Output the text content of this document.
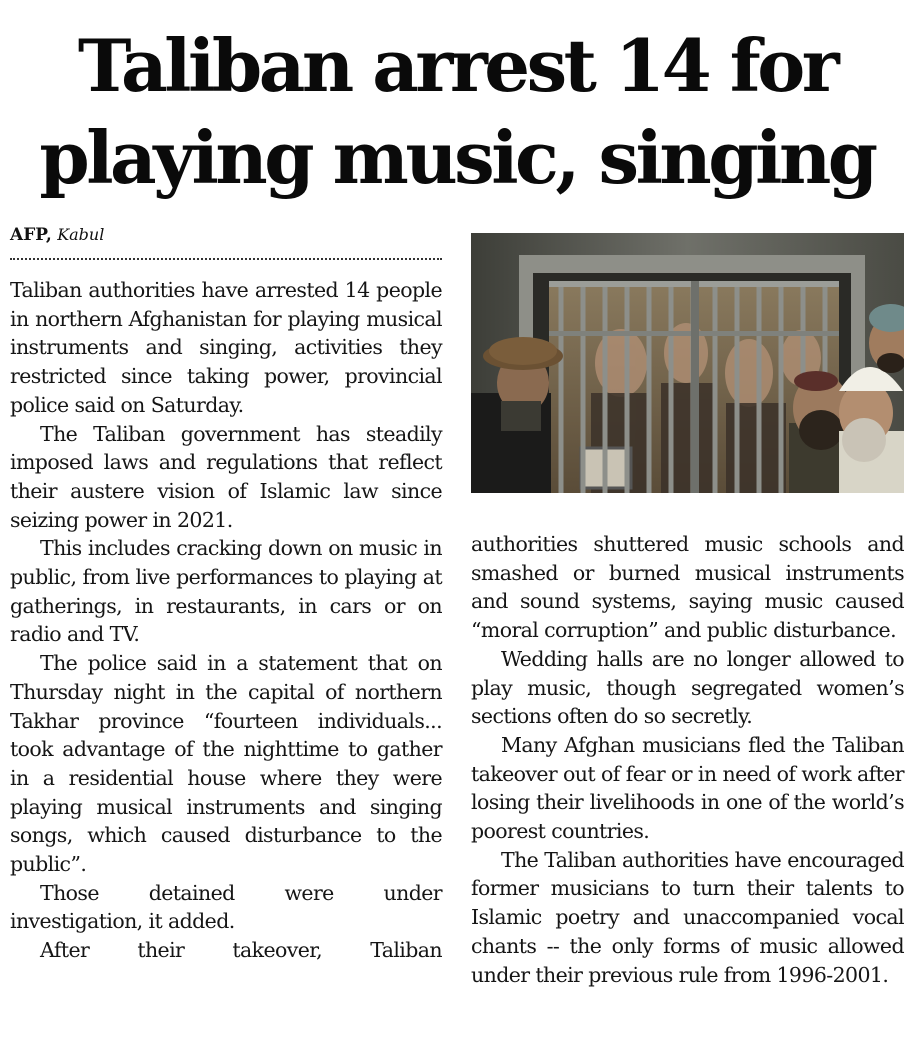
Taliban arrest 14 for
playing music, singing
AFP, Kabul

Taliban authorities have arrested 14 people in northern Afghanistan for playing musical instruments and singing, activities they restricted since taking power, provincial police said on Saturday.

The Taliban government has steadily imposed laws and regulations that reflect their austere vision of Islamic law since seizing power in 2021.

This includes cracking down on music in public, from live performances to playing at gatherings, in restaurants, in cars or on radio and TV.

The police said in a statement that on Thursday night in the capital of northern Takhar province “fourteen individuals... took advantage of the nighttime to gather in a residential house where they were playing musical instruments and singing songs, which caused disturbance to the public”.

Those detained were under investigation, it added.

After their takeover, Taliban

authorities shuttered music schools and smashed or burned musical instruments and sound systems, saying music caused “moral corruption” and public disturbance.

Wedding halls are no longer allowed to play music, though segregated women’s sections often do so secretly.

Many Afghan musicians fled the Taliban takeover out of fear or in need of work after losing their livelihoods in one of the world’s poorest countries.

The Taliban authorities have encouraged former musicians to turn their talents to Islamic poetry and unaccompanied vocal chants -- the only forms of music allowed under their previous rule from 1996-2001.
